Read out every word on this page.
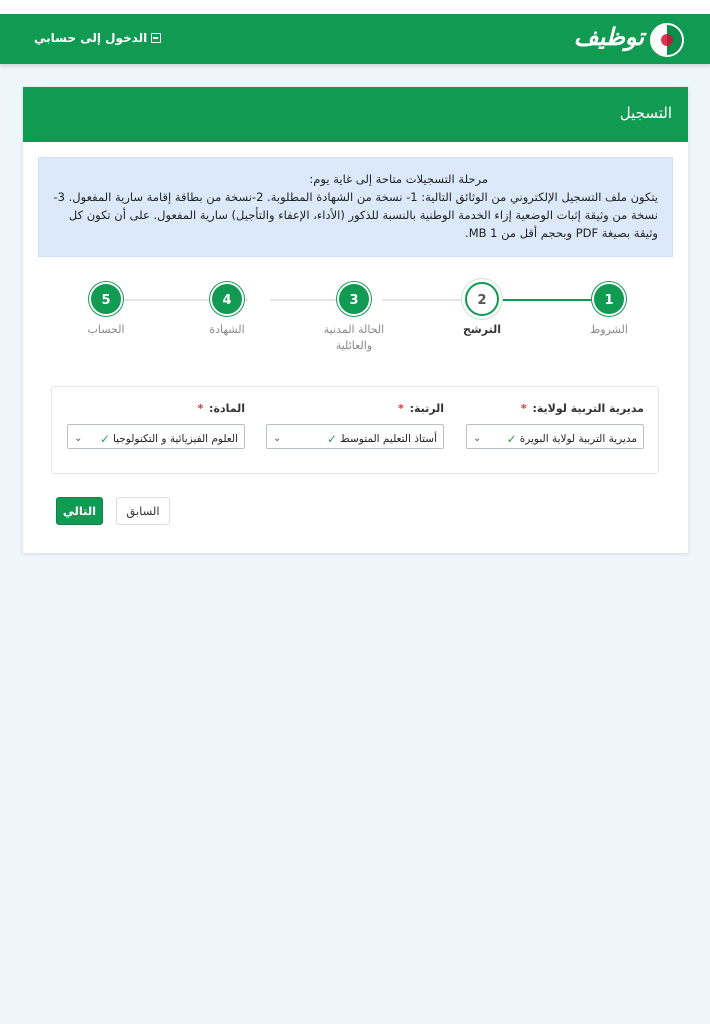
توظيف
الدخول إلى حسابي
التسجيل
مرحلة التسجيلات متاحة إلى غاية يوم:
يتكون ملف التسجيل الإلكتروني من الوثائق التالية: 1- نسخة من الشهادة المطلوبة. 2-نسخة من بطاقة إقامة سارية المفعول. 3-نسخة من وثيقة إثبات الوضعية إزاء الخدمة الوطنية بالنسبة للذكور (الأداء، الإعفاء والتأجيل) سارية المفعول. على أن تكون كل وثيقة بصيغة PDF وبحجم أقل من 1 MB.
1
الشروط
2
الترشح
3
الحالة المدنية والعائلية
4
الشهادة
5
الحساب
مديرية التربية لولاية: *
مديرية التربية لولاية البويرة
✓
⌄
الرتبة: *
أستاذ التعليم المتوسط
✓
⌄
المادة: *
العلوم الفيزيائية و التكنولوجيا
✓
⌄
السابق
التالي
